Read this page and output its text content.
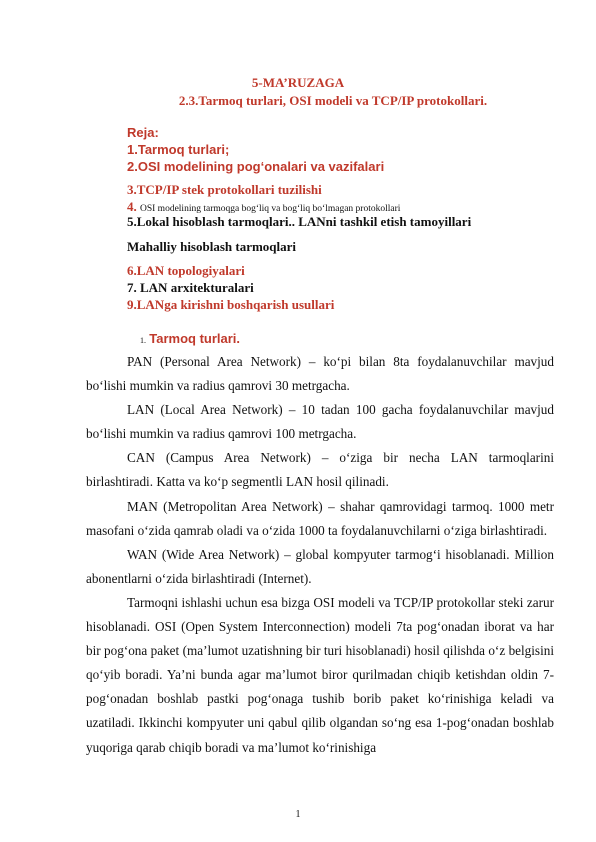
5-MA’RUZAGA
2.3.Tarmoq turlari, OSI modeli va TCP/IP protokollari.
Reja:
1.Tarmoq turlari;
2.OSI modelining pog‘onalari va vazifalari
3.TCP/IP stek protokollari tuzilishi
4. OSI modelining tarmoqga bog‘liq va bog‘liq bo‘lmagan protokollari
5.Lokal hisoblash tarmoqlari.. LANni tashkil etish tamoyillari
Mahalliy hisoblash tarmoqlari
6.LAN topologiyalari
7. LAN arxitekturalari
9.LANga kirishni boshqarish usullari
1. Tarmoq turlari.

PAN (Personal Area Network) – ko‘pi bilan 8ta foydalanuvchilar mavjud bo‘lishi mumkin va radius qamrovi 30 metrgacha.

LAN (Local Area Network) – 10 tadan 100 gacha foydalanuvchilar mavjud bo‘lishi mumkin va radius qamrovi 100 metrgacha.

CAN (Campus Area Network) – o‘ziga bir necha LAN tarmoqlarini birlashtiradi. Katta va ko‘p segmentli LAN hosil qilinadi.

MAN (Metropolitan Area Network) – shahar qamrovidagi tarmoq. 1000 metr masofani o‘zida qamrab oladi va o‘zida 1000 ta foydalanuvchilarni o‘ziga birlashtiradi.

WAN (Wide Area Network) – global kompyuter tarmog‘i hisoblanadi. Million abonentlarni o‘zida birlashtiradi (Internet).

Tarmoqni ishlashi uchun esa bizga OSI modeli va TCP/IP protokollar steki zarur hisoblanadi. OSI (Open System Interconnection) modeli 7ta pog‘onadan iborat va har bir pog‘ona paket (ma’lumot uzatishning bir turi hisoblanadi) hosil qilishda o‘z belgisini qo‘yib boradi. Ya’ni bunda agar ma’lumot biror qurilmadan chiqib ketishdan oldin 7-pog‘onadan boshlab pastki pog‘onaga tushib borib paket ko‘rinishiga keladi va uzatiladi. Ikkinchi kompyuter uni qabul qilib olgandan so‘ng esa 1-pog‘onadan boshlab yuqoriga qarab chiqib boradi va ma’lumot ko‘rinishiga

1
